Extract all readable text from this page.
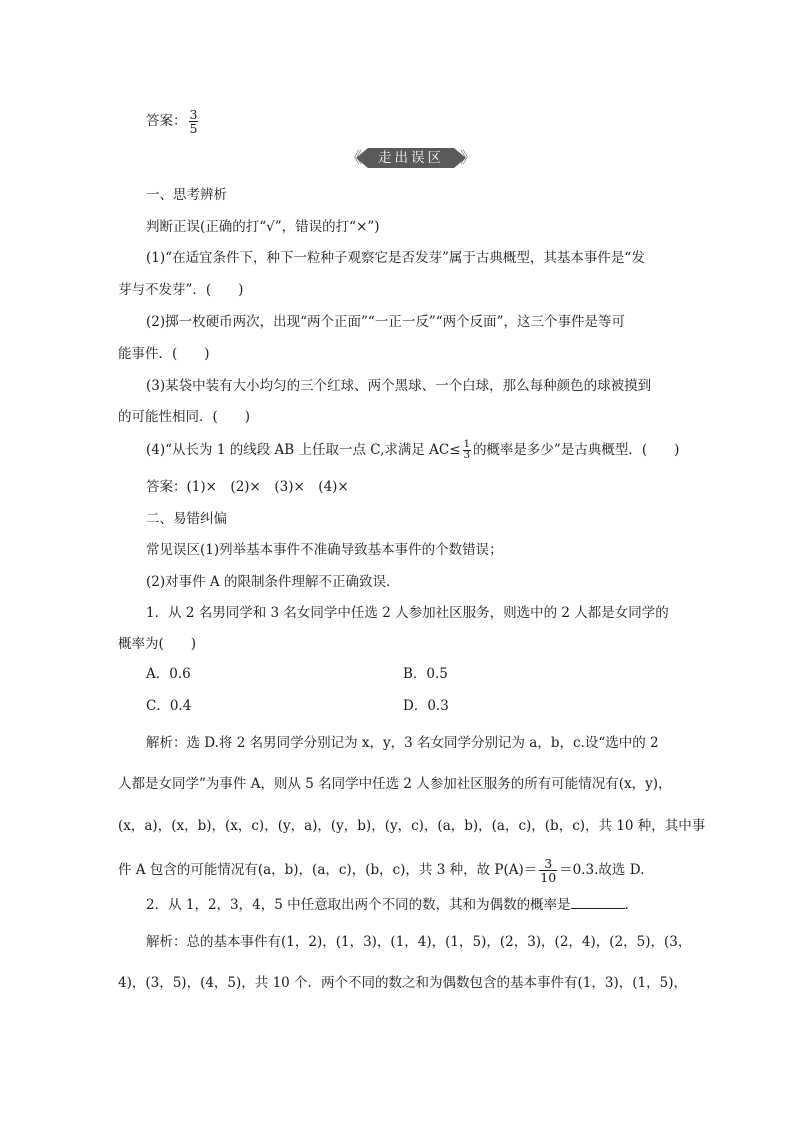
答案： $\frac{3}{5}$
《	走出误区 》
一、思考辨析
判断正误(正确的打“√”，错误的打“×”)
(1)“在适宜条件下，种下一粒种子观察它是否发芽”属于古典概型，其基本事件是“发
芽与不发芽”．(　　)
(2)掷一枚硬币两次，出现“两个正面”“一正一反”“两个反面”，这三个事件是等可
能事件．(　　)
(3)某袋中装有大小均匀的三个红球、两个黑球、一个白球，那么每种颜色的球被摸到
的可能性相同．(　　)
(4)“从长为 1 的线段 AB 上任取一点 C,求满足 $AC\le \frac{1}{3}$ 的概率是多少”是古典概型．(　　)
答案：(1)×　(2)×　(3)×　(4)×
二、易错纠偏
常见误区(1)列举基本事件不准确导致基本事件的个数错误；
(2)对事件 A 的限制条件理解不正确致误．
1．从 2 名男同学和 3 名女同学中任选 2 人参加社区服务，则选中的 2 人都是女同学的
概率为(　　)
A．0.6	B．0.5
C．0.4	D．0.3
解析：选 D.将 2 名男同学分别记为 x，y，3 名女同学分别记为 a，b，c.设“选中的 2
人都是女同学”为事件 A，则从 5 名同学中任选 2 人参加社区服务的所有可能情况有(x，y)，
(x，a)，(x，b)，(x，c)，(y，a)，(y，b)，(y，c)，(a，b)，(a，c)，(b，c)，共 10 种，其中事
件 A 包含的可能情况有(a，b)，(a，c)，(b，c)，共 3 种，故 $P(A)= \frac{3}{10} =0.3$.故选 D.
2．从 1，2，3，4，5 中任意取出两个不同的数，其和为偶数的概率是	．
解析：总的基本事件有(1，2)，(1，3)，(1，4)，(1，5)，(2，3)，(2，4)，(2，5)，(3，
4)，(3，5)，(4，5)，共 10 个．两个不同的数之和为偶数包含的基本事件有(1，3)，(1，5)，
